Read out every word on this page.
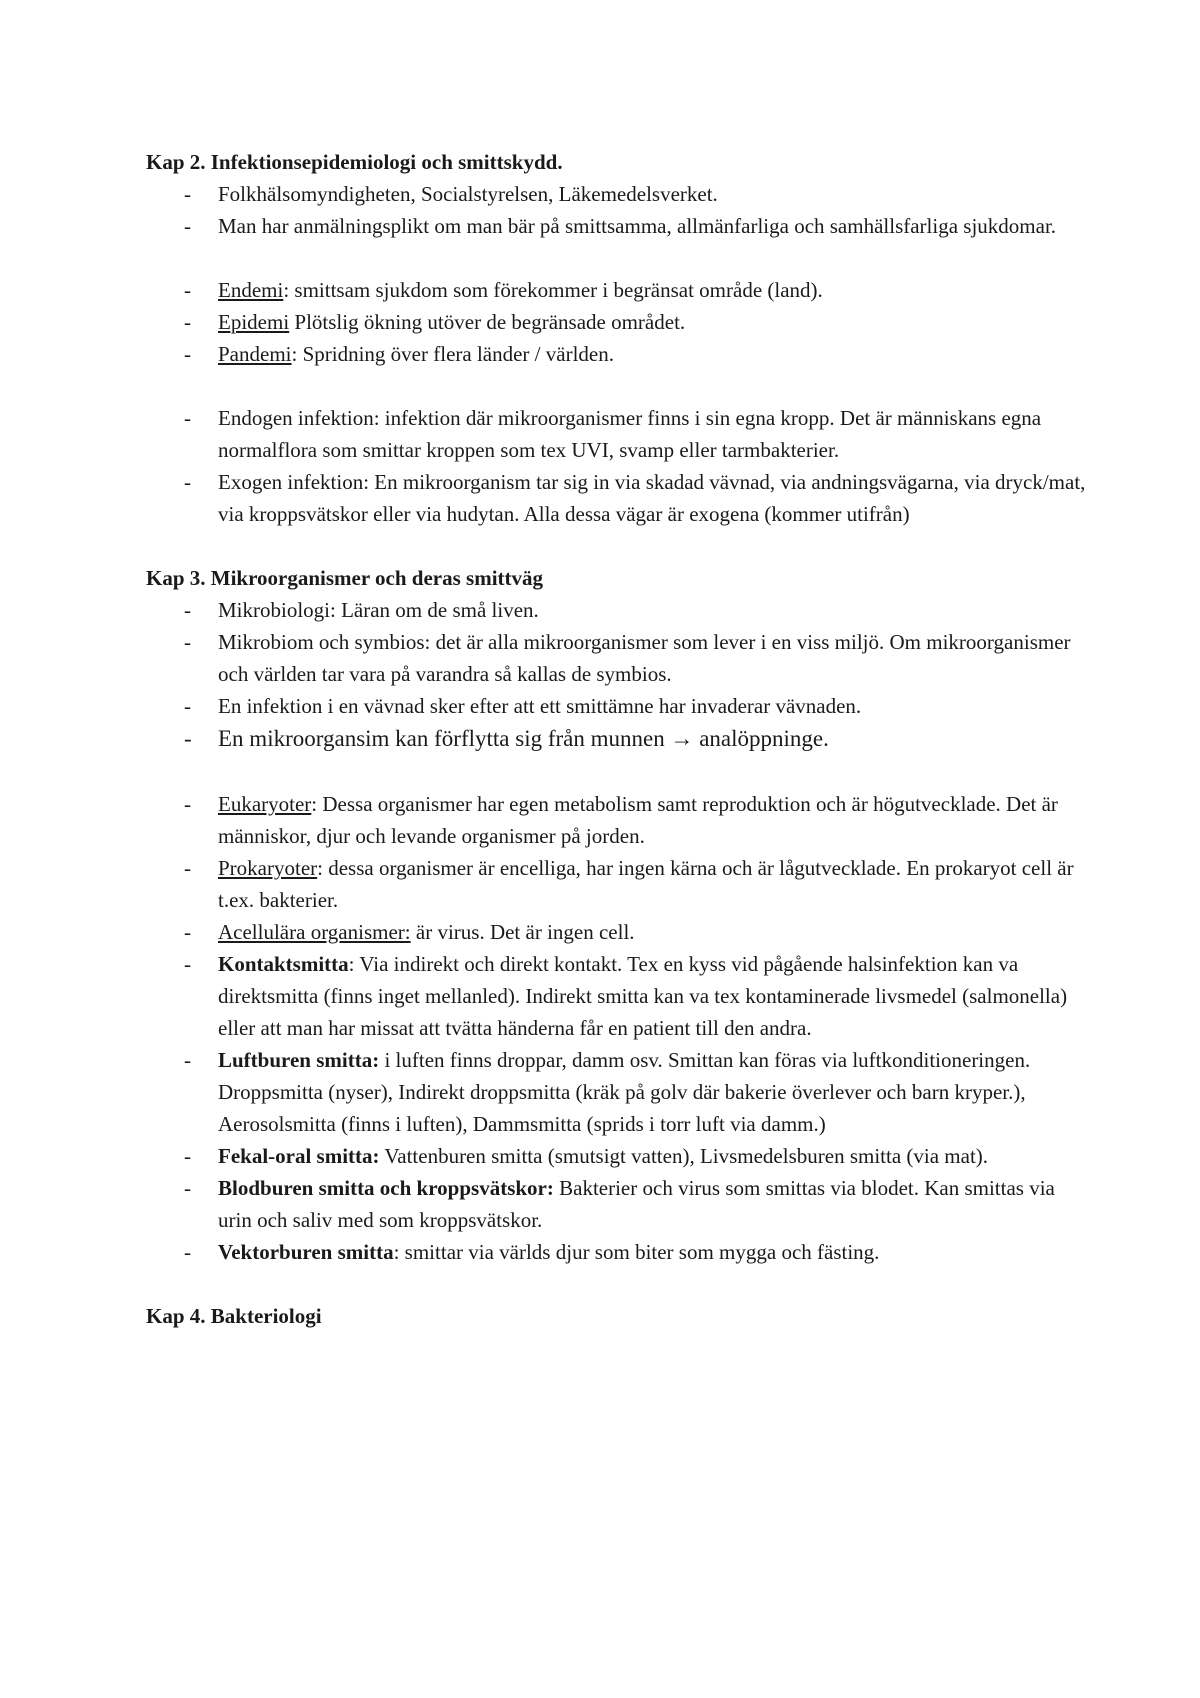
Kap 2. Infektionsepidemiologi och smittskydd.
- Folkhälsomyndigheten, Socialstyrelsen, Läkemedelsverket.
- Man har anmälningsplikt om man bär på smittsamma, allmänfarliga och samhällsfarliga sjukdomar.
- Endemi: smittsam sjukdom som förekommer i begränsat område (land).
- Epidemi Plötslig ökning utöver de begränsade området.
- Pandemi: Spridning över flera länder / världen.
- Endogen infektion: infektion där mikroorganismer finns i sin egna kropp. Det är människans egna normalflora som smittar kroppen som tex UVI, svamp eller tarmbakterier.
- Exogen infektion: En mikroorganism tar sig in via skadad vävnad, via andningsvägarna, via dryck/mat, via kroppsvätskor eller via hudytan. Alla dessa vägar är exogena (kommer utifrån)
Kap 3. Mikroorganismer och deras smittväg
- Mikrobiologi: Läran om de små liven.
- Mikrobiom och symbios: det är alla mikroorganismer som lever i en viss miljö. Om mikroorganismer och världen tar vara på varandra så kallas de symbios.
- En infektion i en vävnad sker efter att ett smittämne har invaderar vävnaden.
- En mikroorgansim kan förflytta sig från munnen → analöppninge.
- Eukaryoter: Dessa organismer har egen metabolism samt reproduktion och är högutvecklade. Det är människor, djur och levande organismer på jorden.
- Prokaryoter: dessa organismer är encelliga, har ingen kärna och är lågutvecklade. En prokaryot cell är t.ex. bakterier.
- Acellulära organismer: är virus. Det är ingen cell.
- Kontaktsmitta: Via indirekt och direkt kontakt. Tex en kyss vid pågående halsinfektion kan va direktsmitta (finns inget mellanled). Indirekt smitta kan va tex kontaminerade livsmedel (salmonella) eller att man har missat att tvätta händerna får en patient till den andra.
- Luftburen smitta: i luften finns droppar, damm osv. Smittan kan föras via luftkonditioneringen. Droppsmitta (nyser), Indirekt droppsmitta (kräk på golv där bakerie överlever och barn kryper.), Aerosolsmitta (finns i luften), Dammsmitta (sprids i torr luft via damm.)
- Fekal-oral smitta: Vattenburen smitta (smutsigt vatten), Livsmedelsburen smitta (via mat).
- Blodburen smitta och kroppsvätskor: Bakterier och virus som smittas via blodet. Kan smittas via urin och saliv med som kroppsvätskor.
- Vektorburen smitta: smittar via världs djur som biter som mygga och fästing.
Kap 4. Bakteriologi
